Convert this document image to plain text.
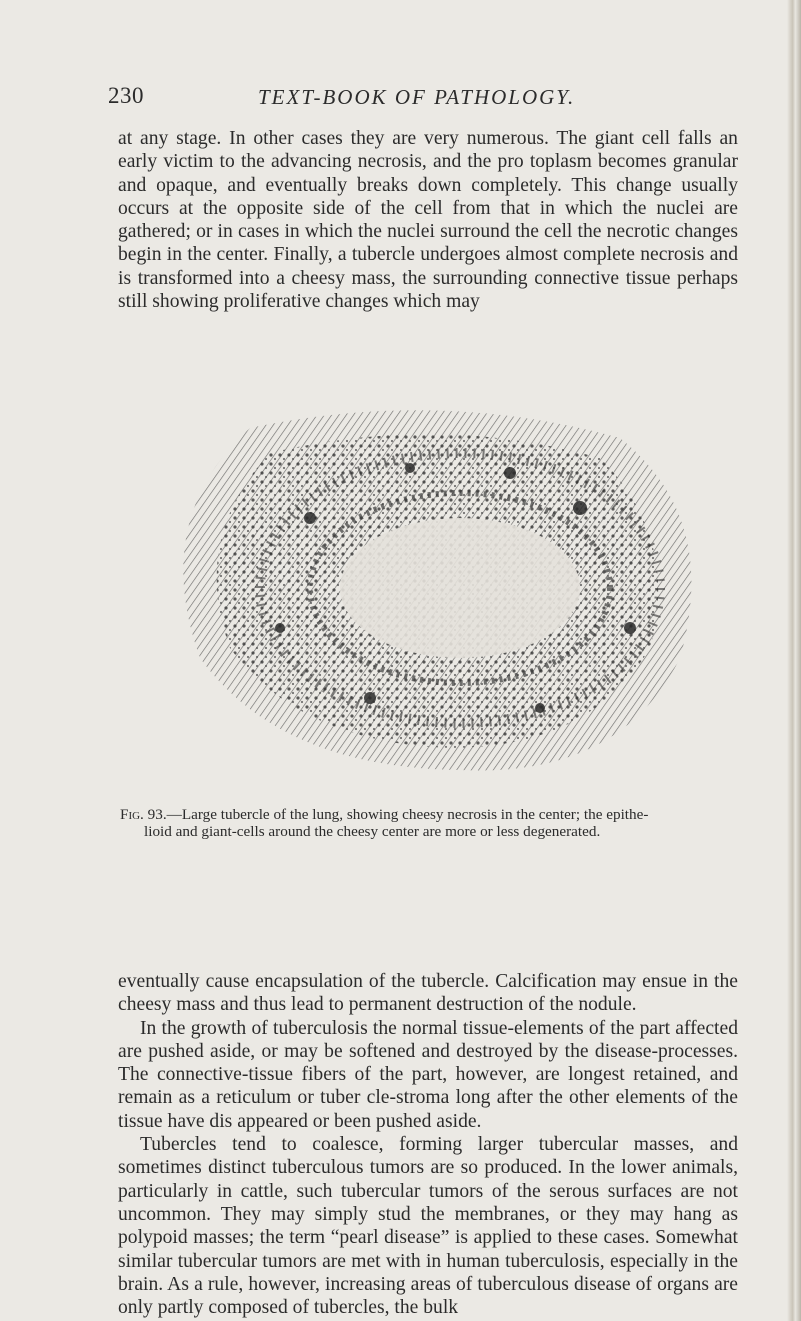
230	TEXT-BOOK OF PATHOLOGY.

at any stage. In other cases they are very numerous. The giant cell falls an early victim to the advancing necrosis, and the pro toplasm becomes granular and opaque, and eventually breaks down completely. This change usually occurs at the opposite side of the cell from that in which the nuclei are gathered; or in cases in which the nuclei surround the cell the necrotic changes begin in the center. Finally, a tubercle undergoes almost complete necrosis and is transformed into a cheesy mass, the surrounding connective tissue perhaps still showing proliferative changes which may

Fig. 93.—Large tubercle of the lung, showing cheesy necrosis in the center; the epithe-
lioid and giant-cells around the cheesy center are more or less degenerated.

eventually cause encapsulation of the tubercle. Calcification may ensue in the cheesy mass and thus lead to permanent destruction of the nodule.

In the growth of tuberculosis the normal tissue-elements of the part affected are pushed aside, or may be softened and destroyed by the disease-processes. The connective-tissue fibers of the part, however, are longest retained, and remain as a reticulum or tuber cle-stroma long after the other elements of the tissue have dis appeared or been pushed aside.

Tubercles tend to coalesce, forming larger tubercular masses, and sometimes distinct tuberculous tumors are so produced. In the lower animals, particularly in cattle, such tubercular tumors of the serous surfaces are not uncommon. They may simply stud the membranes, or they may hang as polypoid masses; the term “pearl disease” is applied to these cases. Somewhat similar tubercular tumors are met with in human tuberculosis, especially in the brain. As a rule, however, increasing areas of tuberculous disease of organs are only partly composed of tubercles, the bulk
